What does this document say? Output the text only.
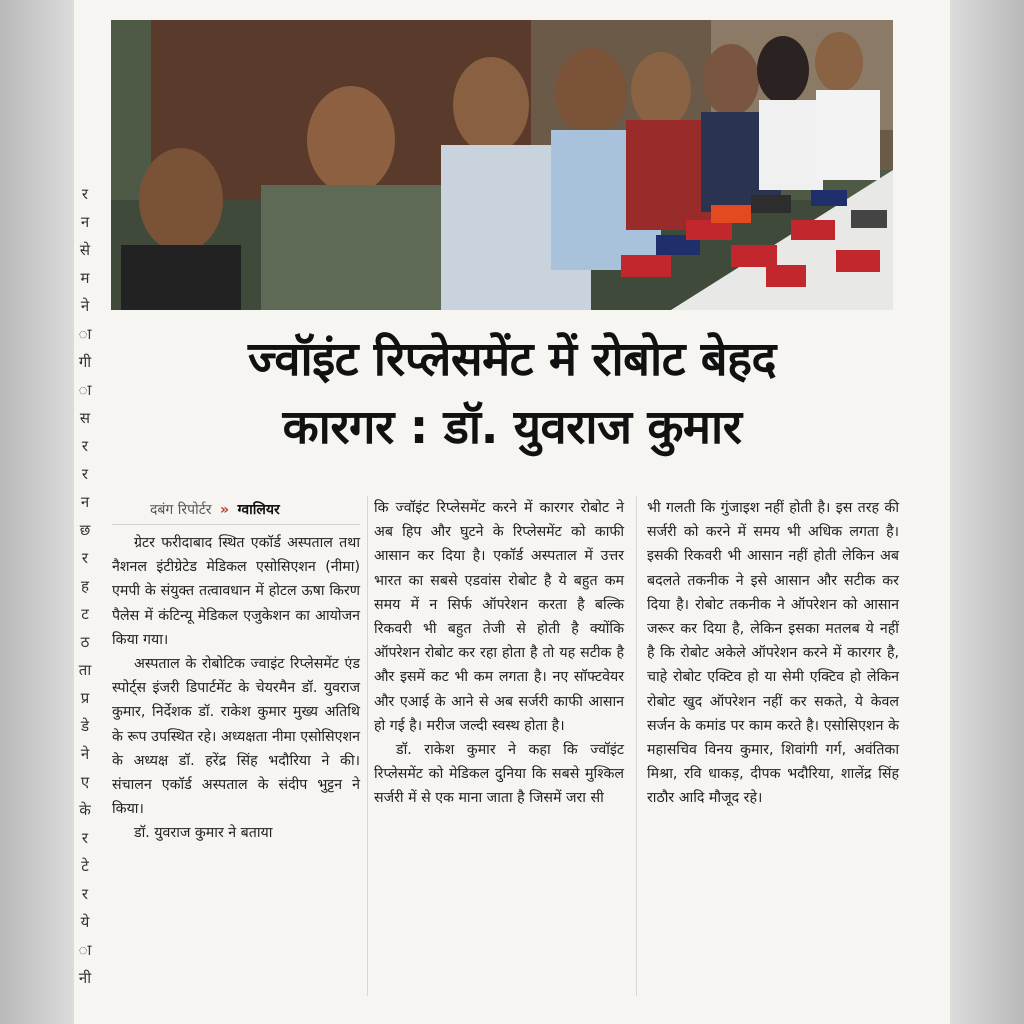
र
न
से
म
ने
ा
गी
ा
स
र
र
न
छ
र
ह
ट
ठ
ता
प्र
डे
ने
ए
के
र
टे
र
ये
ा
नी
ज्वॉइंट रिप्लेसमेंट में रोबोट बेहद
कारगर : डॉ. युवराज कुमार
दबंग रिपोर्टर » ग्वालियर

ग्रेटर फरीदाबाद स्थित एकॉर्ड अस्पताल तथा नैशनल इंटीग्रेटेड मेडिकल एसोसिएशन (नीमा) एमपी के संयुक्त तत्वावधान में होटल ऊषा किरण पैलेस में कंटिन्यू मेडिकल एजुकेशन का आयोजन किया गया।

अस्पताल के रोबोटिक ज्वाइंट रिप्लेसमेंट एंड स्पोर्ट्स इंजरी डिपार्टमेंट के चेयरमैन डॉ. युवराज कुमार, निर्देशक डॉ. राकेश कुमार मुख्य अतिथि के रूप उपस्थित रहे। अध्यक्षता नीमा एसोसिएशन के अध्यक्ष डॉ. हरेंद्र सिंह भदौरिया ने की। संचालन एकॉर्ड अस्पताल के संदीप भुट्टन ने किया।

डॉ. युवराज कुमार ने बताया

कि ज्वॉइंट रिप्लेसमेंट करने में कारगर रोबोट ने अब हिप और घुटने के रिप्लेसमेंट को काफी आसान कर दिया है। एकॉर्ड अस्पताल में उत्तर भारत का सबसे एडवांस रोबोट है ये बहुत कम समय में न सिर्फ ऑपरेशन करता है बल्कि रिकवरी भी बहुत तेजी से होती है क्योंकि ऑपरेशन रोबोट कर रहा होता है तो यह सटीक है और इसमें कट भी कम लगता है। नए सॉफ्टवेयर और एआई के आने से अब सर्जरी काफी आसान हो गई है। मरीज जल्दी स्वस्थ होता है।

डॉ. राकेश कुमार ने कहा कि ज्वॉइंट रिप्लेसमेंट को मेडिकल दुनिया कि सबसे मुश्किल सर्जरी में से एक माना जाता है जिसमें जरा सी

भी गलती कि गुंजाइश नहीं होती है। इस तरह की सर्जरी को करने में समय भी अधिक लगता है। इसकी रिकवरी भी आसान नहीं होती लेकिन अब बदलते तकनीक ने इसे आसान और सटीक कर दिया है। रोबोट तकनीक ने ऑपरेशन को आसान जरूर कर दिया है, लेकिन इसका मतलब ये नहीं है कि रोबोट अकेले ऑपरेशन करने में कारगर है, चाहे रोबोट एक्टिव हो या सेमी एक्टिव हो लेकिन रोबोट खुद ऑपरेशन नहीं कर सकते, ये केवल सर्जन के कमांड पर काम करते है। एसोसिएशन के महासचिव विनय कुमार, शिवांगी गर्ग, अवंतिका मिश्रा, रवि धाकड़, दीपक भदौरिया, शालेंद्र सिंह राठौर आदि मौजूद रहे।
